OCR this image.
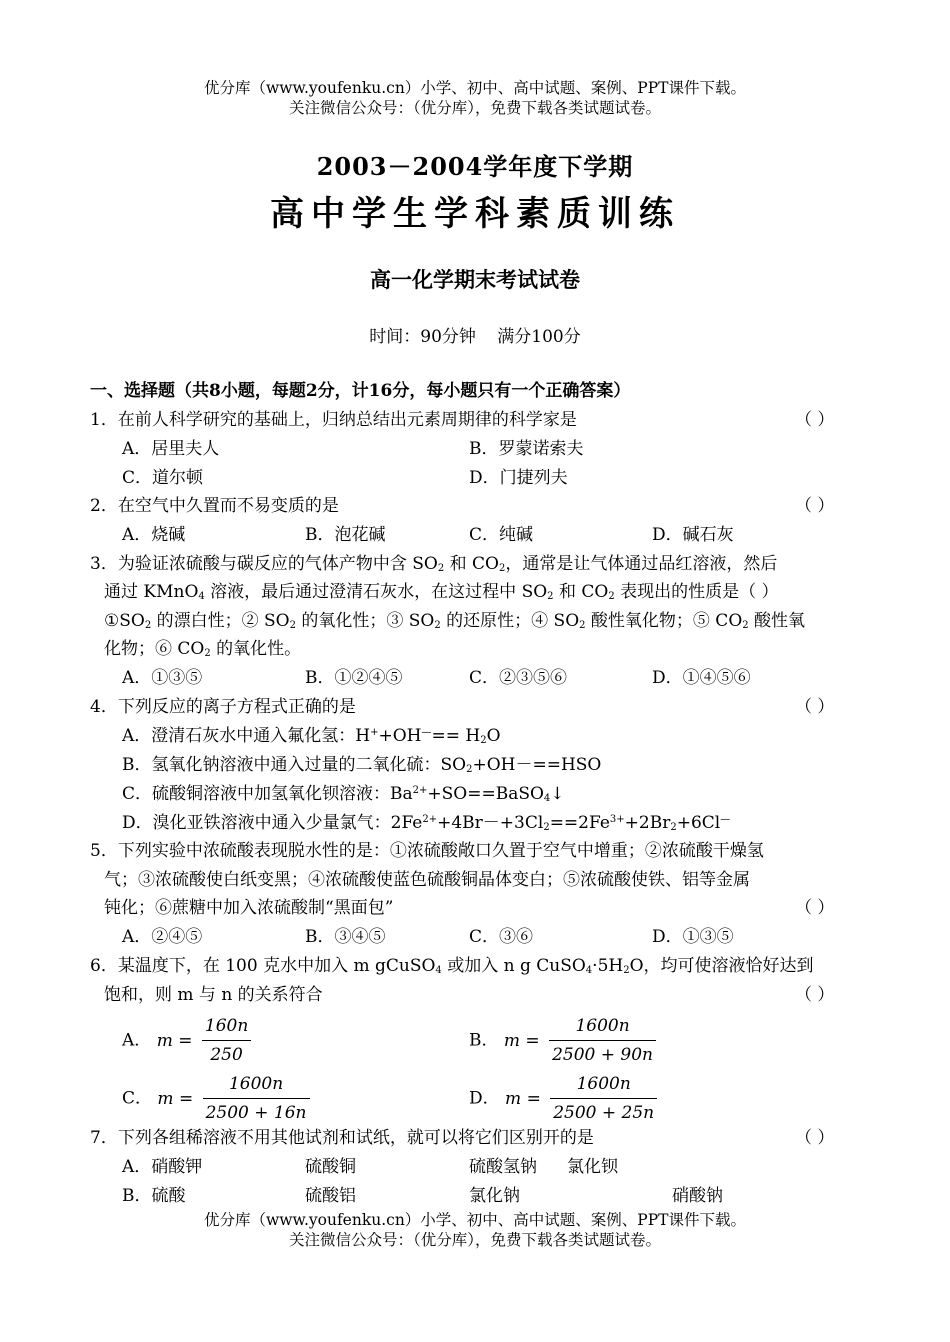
优分库（www.youfenku.cn）小学、初中、高中试题、案例、PPT课件下载。
关注微信公众号：（优分库），免费下载各类试题试卷。
2003－2004学年度下学期
高中学生学科素质训练
高一化学期末考试试卷
时间：90分钟 满分100分
一、选择题（共8小题，每题2分，计16分，每小题只有一个正确答案）
1．在前人科学研究的基础上，归纳总结出元素周期律的科学家是	（ ）
A．居里夫人	B．罗蒙诺索夫
C．道尔顿	D．门捷列夫
2．在空气中久置而不易变质的是	（ ）
A．烧碱	B．泡花碱	C．纯碱	D．碱石灰
3．为验证浓硫酸与碳反应的气体产物中含 $SO_2$ 和 $CO_2$，通常是让气体通过品红溶液，然后
通过 KMnO$_4$ 溶液，最后通过澄清石灰水，在这过程中 $SO_2$ 和 $CO_2$ 表现出的性质是（ ）
$①SO_2$ 的漂白性；② $SO_2$ 的氧化性；③ $SO_2$ 的还原性；④ $SO_2$ 酸性氧化物；⑤ $CO_2$ 酸性氧
化物；⑥ $CO_2$ 的氧化性。
A．①③⑤	B．①②④⑤	C．②③⑤⑥	D．①④⑤⑥
4．下列反应的离子方程式正确的是	（ ）
A．澄清石灰水中通入氟化氢：$H^++OH^—== H_2O$
B．氢氧化钠溶液中通入过量的二氧化硫：$SO_2+OH-==HSO$
C．硫酸铜溶液中加氢氧化钡溶液：$Ba^{2+}+SO==BaSO_4↓$
D．溴化亚铁溶液中通入少量氯气：$2Fe^{2+}+4Br-+3Cl_2==2Fe^{3+}+2Br_2+6Cl^—$
5．下列实验中浓硫酸表现脱水性的是：①浓硫酸敞口久置于空气中增重；②浓硫酸干燥氢
气；③浓硫酸使白纸变黑；④浓硫酸使蓝色硫酸铜晶体变白；⑤浓硫酸使铁、铝等金属
钝化；⑥蔗糖中加入浓硫酸制“黑面包”	（ ）
A．②④⑤	B．③④⑤	C．③⑥	D．①③⑤
6．某温度下，在 100 克水中加入 m gCuSO$_4$ 或加入 n g $CuSO_4\cdot 5H_2O$，均可使溶液恰好达到
饱和，则 m 与 n 的关系符合	（ ）
A． $m = \frac{160n}{250}$	B． $m = \frac{1600n}{2500 + 90n}$
C． $m = \frac{1600n}{2500 + 16n}$	D． $m = \frac{1600n}{2500 + 25n}$
7．下列各组稀溶液不用其他试剂和试纸，就可以将它们区别开的是	（ ）
A．硝酸钾	硫酸铜	硫酸氢钠 氯化钡
B．硫酸	硫酸铝	氯化钠	硝酸钠
优分库（www.youfenku.cn）小学、初中、高中试题、案例、PPT课件下载。
关注微信公众号：（优分库），免费下载各类试题试卷。
